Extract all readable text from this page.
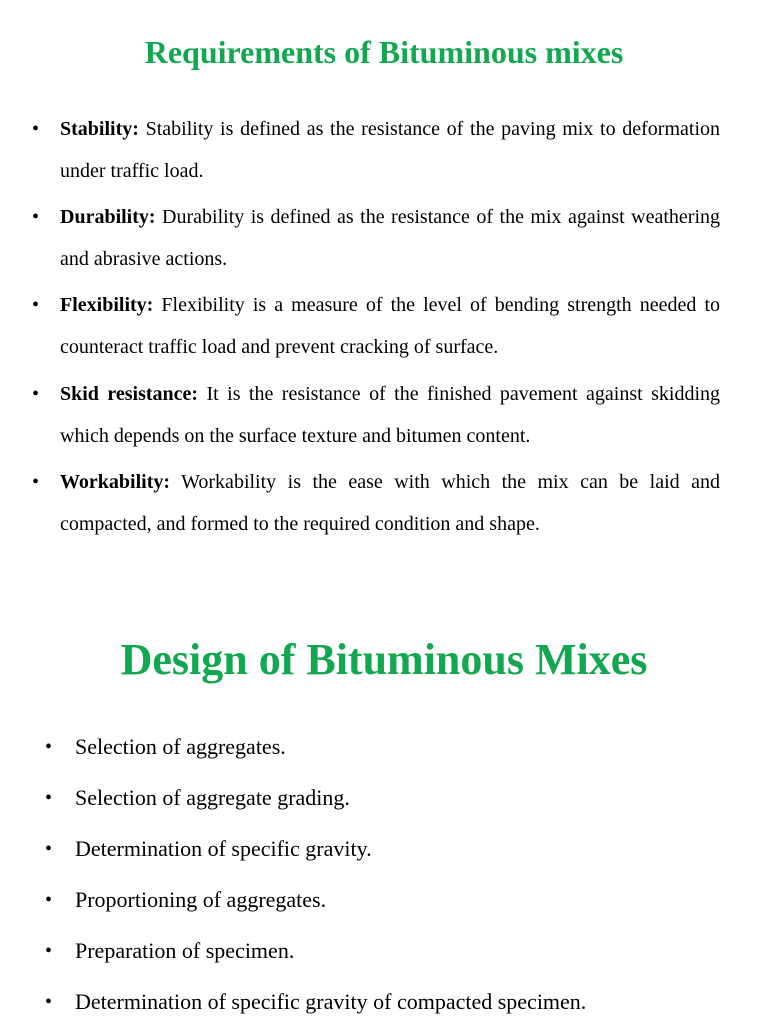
Requirements of Bituminous mixes
• Stability: Stability is defined as the resistance of the paving mix to deformation under traffic load.
• Durability: Durability is defined as the resistance of the mix against weathering and abrasive actions.
• Flexibility: Flexibility is a measure of the level of bending strength needed to counteract traffic load and prevent cracking of surface.
• Skid resistance: It is the resistance of the finished pavement against skidding which depends on the surface texture and bitumen content.
• Workability: Workability is the ease with which the mix can be laid and compacted, and formed to the required condition and shape.
Design of Bituminous Mixes
• Selection of aggregates.
• Selection of aggregate grading.
• Determination of specific gravity.
• Proportioning of aggregates.
• Preparation of specimen.
• Determination of specific gravity of compacted specimen.
